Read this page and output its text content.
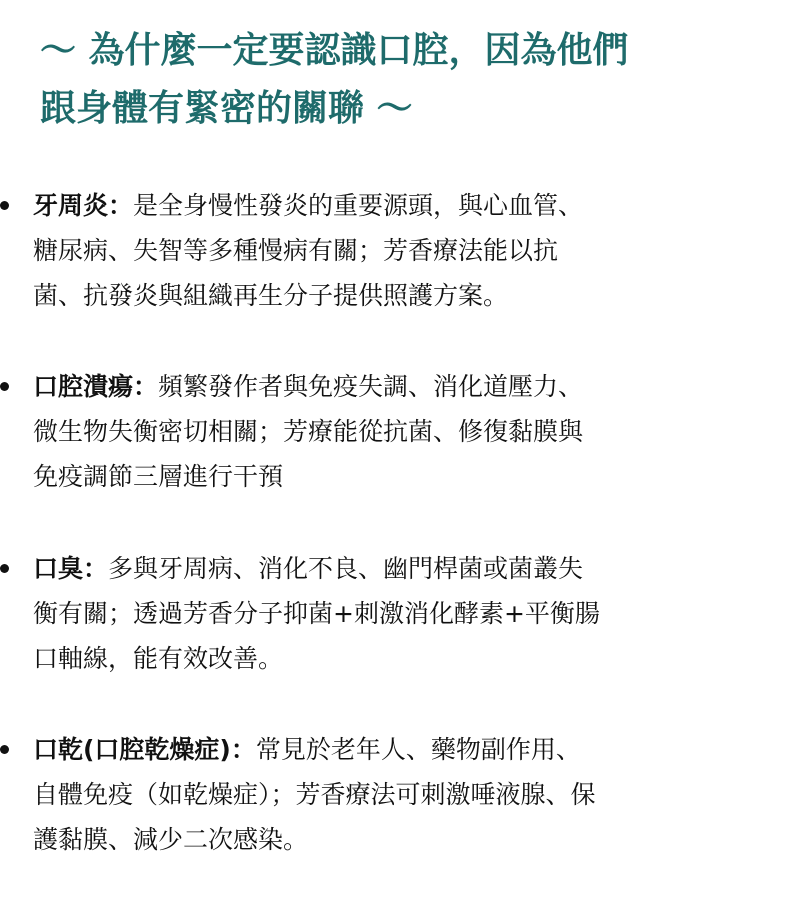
〜 為什麼一定要認識口腔，因為他們
跟身體有緊密的關聯 〜
牙周炎：是全身慢性發炎的重要源頭，與心血管、
糖尿病、失智等多種慢病有關；芳香療法能以抗
菌、抗發炎與組織再生分子提供照護方案。
口腔潰瘍：頻繁發作者與免疫失調、消化道壓力、
微生物失衡密切相關；芳療能從抗菌、修復黏膜與
免疫調節三層進行干預
口臭：多與牙周病、消化不良、幽門桿菌或菌叢失
衡有關；透過芳香分子抑菌+刺激消化酵素+平衡腸
口軸線，能有效改善。
口乾(口腔乾燥症)：常見於老年人、藥物副作用、
自體免疫（如乾燥症）；芳香療法可刺激唾液腺、保
護黏膜、減少二次感染。
